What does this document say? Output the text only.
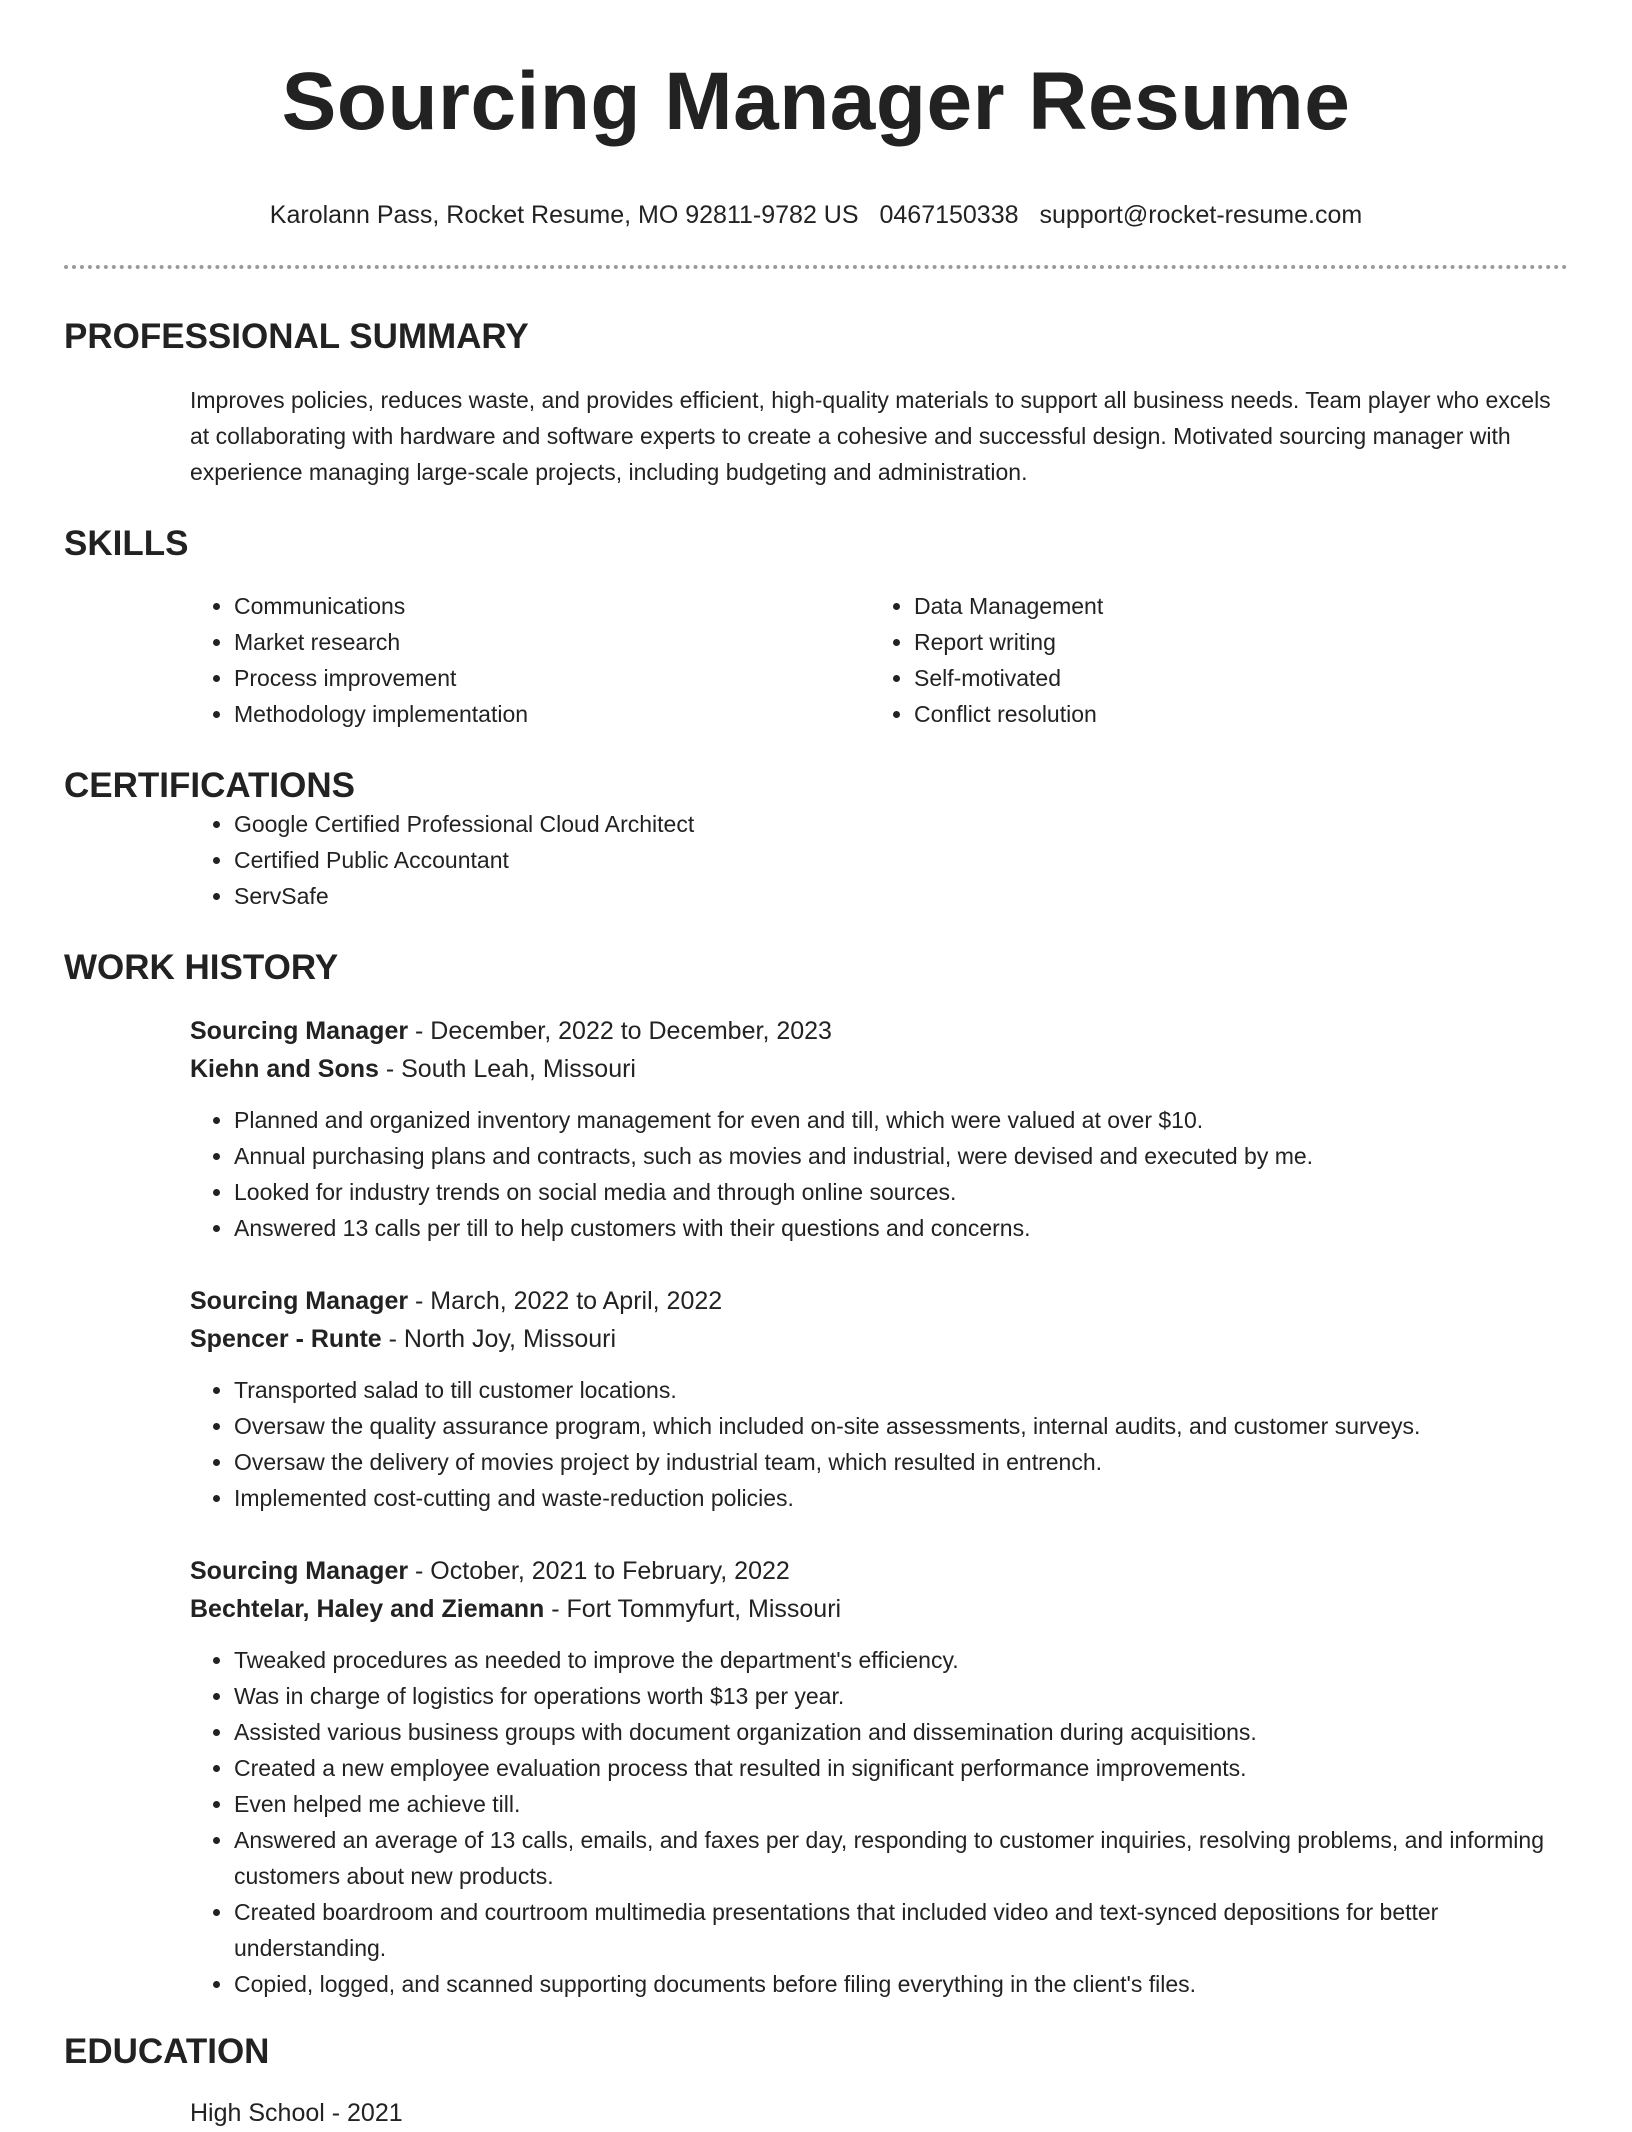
Sourcing Manager Resume
Karolann Pass, Rocket Resume, MO 92811-9782 US 0467150338 support@rocket-resume.com
PROFESSIONAL SUMMARY

Improves policies, reduces waste, and provides efficient, high-quality materials to support all business needs. Team player who excels at collaborating with hardware and software experts to create a cohesive and successful design. Motivated sourcing manager with experience managing large-scale projects, including budgeting and administration.

SKILLS
• Communications
• Market research
• Process improvement
• Methodology implementation
• Data Management
• Report writing
• Self-motivated
• Conflict resolution
CERTIFICATIONS
• Google Certified Professional Cloud Architect
• Certified Public Accountant
• ServSafe
WORK HISTORY
Sourcing Manager - December, 2022 to December, 2023
Kiehn and Sons - South Leah, Missouri
• Planned and organized inventory management for even and till, which were valued at over $10.
• Annual purchasing plans and contracts, such as movies and industrial, were devised and executed by me.
• Looked for industry trends on social media and through online sources.
• Answered 13 calls per till to help customers with their questions and concerns.
Sourcing Manager - March, 2022 to April, 2022
Spencer - Runte - North Joy, Missouri
• Transported salad to till customer locations.
• Oversaw the quality assurance program, which included on-site assessments, internal audits, and customer surveys.
• Oversaw the delivery of movies project by industrial team, which resulted in entrench.
• Implemented cost-cutting and waste-reduction policies.
Sourcing Manager - October, 2021 to February, 2022
Bechtelar, Haley and Ziemann - Fort Tommyfurt, Missouri
• Tweaked procedures as needed to improve the department's efficiency.
• Was in charge of logistics for operations worth $13 per year.
• Assisted various business groups with document organization and dissemination during acquisitions.
• Created a new employee evaluation process that resulted in significant performance improvements.
• Even helped me achieve till.
• Answered an average of 13 calls, emails, and faxes per day, responding to customer inquiries, resolving problems, and informing customers about new products.
• Created boardroom and courtroom multimedia presentations that included video and text-synced depositions for better understanding.
• Copied, logged, and scanned supporting documents before filing everything in the client's files.
EDUCATION
High School - 2021
